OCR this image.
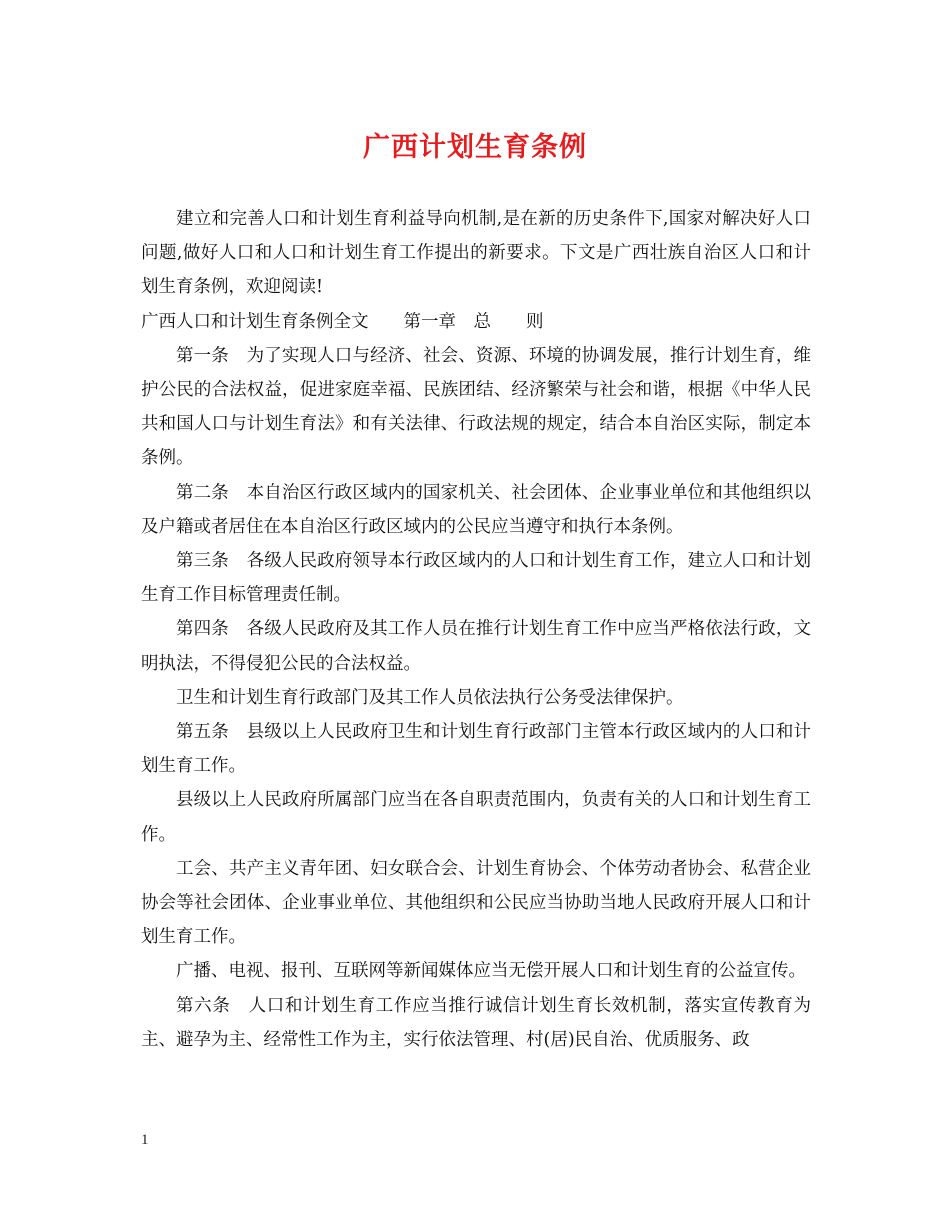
广西计划生育条例

建立和完善人口和计划生育利益导向机制,是在新的历史条件下,国家对解决好人口问题,做好人口和人口和计划生育工作提出的新要求。下文是广西壮族自治区人口和计划生育条例，欢迎阅读!

广西人口和计划生育条例全文　　第一章　总　　则

第一条　为了实现人口与经济、社会、资源、环境的协调发展，推行计划生育，维护公民的合法权益，促进家庭幸福、民族团结、经济繁荣与社会和谐，根据《中华人民共和国人口与计划生育法》和有关法律、行政法规的规定，结合本自治区实际，制定本条例。

第二条　本自治区行政区域内的国家机关、社会团体、企业事业单位和其他组织以及户籍或者居住在本自治区行政区域内的公民应当遵守和执行本条例。

第三条　各级人民政府领导本行政区域内的人口和计划生育工作，建立人口和计划生育工作目标管理责任制。

第四条　各级人民政府及其工作人员在推行计划生育工作中应当严格依法行政，文明执法，不得侵犯公民的合法权益。

卫生和计划生育行政部门及其工作人员依法执行公务受法律保护。

第五条　县级以上人民政府卫生和计划生育行政部门主管本行政区域内的人口和计划生育工作。

县级以上人民政府所属部门应当在各自职责范围内，负责有关的人口和计划生育工作。

工会、共产主义青年团、妇女联合会、计划生育协会、个体劳动者协会、私营企业协会等社会团体、企业事业单位、其他组织和公民应当协助当地人民政府开展人口和计划生育工作。

广播、电视、报刊、互联网等新闻媒体应当无偿开展人口和计划生育的公益宣传。

第六条　人口和计划生育工作应当推行诚信计划生育长效机制，落实宣传教育为主、避孕为主、经常性工作为主，实行依法管理、村(居)民自治、优质服务、政

1
